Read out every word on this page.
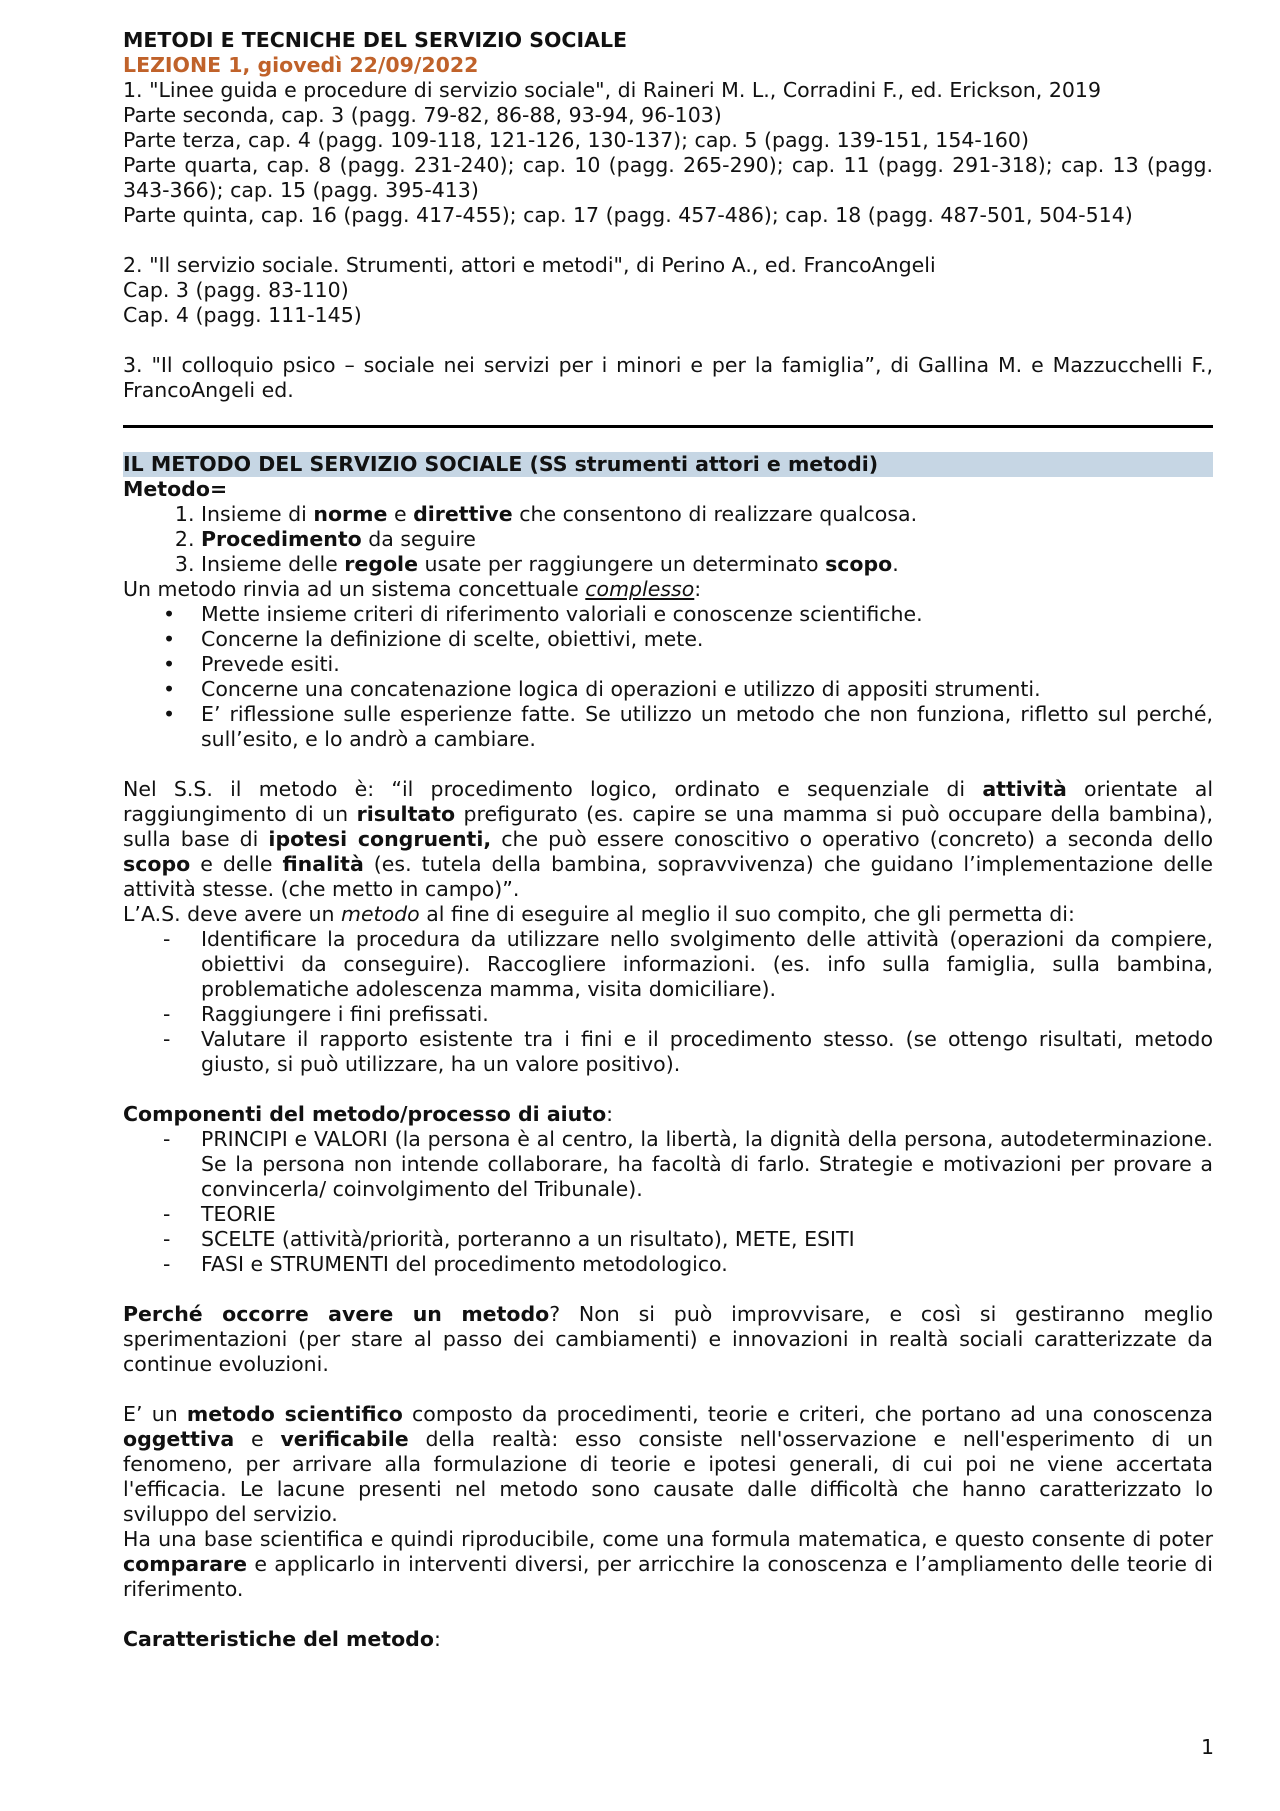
METODI E TECNICHE DEL SERVIZIO SOCIALE
LEZIONE 1, giovedì 22/09/2022
1. "Linee guida e procedure di servizio sociale", di Raineri M. L., Corradini F., ed. Erickson, 2019
Parte seconda, cap. 3 (pagg. 79-82, 86-88, 93-94, 96-103)
Parte terza, cap. 4 (pagg. 109-118, 121-126, 130-137); cap. 5 (pagg. 139-151, 154-160)
Parte quarta, cap. 8 (pagg. 231-240); cap. 10 (pagg. 265-290); cap. 11 (pagg. 291-318); cap. 13 (pagg. 343-366); cap. 15 (pagg. 395-413)
Parte quinta, cap. 16 (pagg. 417-455); cap. 17 (pagg. 457-486); cap. 18 (pagg. 487-501, 504-514)
2. "Il servizio sociale. Strumenti, attori e metodi", di Perino A., ed. FrancoAngeli
Cap. 3 (pagg. 83-110)
Cap. 4 (pagg. 111-145)
3. "Il colloquio psico – sociale nei servizi per i minori e per la famiglia”, di Gallina M. e Mazzucchelli F., FrancoAngeli ed.
IL METODO DEL SERVIZIO SOCIALE (SS strumenti attori e metodi)
Metodo=
1. Insieme di norme e direttive che consentono di realizzare qualcosa.
2. Procedimento da seguire
3. Insieme delle regole usate per raggiungere un determinato scopo.
Un metodo rinvia ad un sistema concettuale complesso:
• Mette insieme criteri di riferimento valoriali e conoscenze scientifiche.
• Concerne la definizione di scelte, obiettivi, mete.
• Prevede esiti.
• Concerne una concatenazione logica di operazioni e utilizzo di appositi strumenti.
• E’ riflessione sulle esperienze fatte. Se utilizzo un metodo che non funziona, rifletto sul perché, sull’esito, e lo andrò a cambiare.
Nel S.S. il metodo è: “il procedimento logico, ordinato e sequenziale di attività orientate al raggiungimento di un risultato prefigurato (es. capire se una mamma si può occupare della bambina), sulla base di ipotesi congruenti, che può essere conoscitivo o operativo (concreto) a seconda dello scopo e delle finalità (es. tutela della bambina, sopravvivenza) che guidano l’implementazione delle attività stesse. (che metto in campo)”.
L’A.S. deve avere un metodo al fine di eseguire al meglio il suo compito, che gli permetta di:
- Identificare la procedura da utilizzare nello svolgimento delle attività (operazioni da compiere, obiettivi da conseguire). Raccogliere informazioni. (es. info sulla famiglia, sulla bambina, problematiche adolescenza mamma, visita domiciliare).
- Raggiungere i fini prefissati.
- Valutare il rapporto esistente tra i fini e il procedimento stesso. (se ottengo risultati, metodo giusto, si può utilizzare, ha un valore positivo).
Componenti del metodo/processo di aiuto:
- PRINCIPI e VALORI (la persona è al centro, la libertà, la dignità della persona, autodeterminazione. Se la persona non intende collaborare, ha facoltà di farlo. Strategie e motivazioni per provare a convincerla/ coinvolgimento del Tribunale).
- TEORIE
- SCELTE (attività/priorità, porteranno a un risultato), METE, ESITI
- FASI e STRUMENTI del procedimento metodologico.
Perché occorre avere un metodo? Non si può improvvisare, e così si gestiranno meglio sperimentazioni (per stare al passo dei cambiamenti) e innovazioni in realtà sociali caratterizzate da continue evoluzioni.
E’ un metodo scientifico composto da procedimenti, teorie e criteri, che portano ad una conoscenza oggettiva e verificabile della realtà: esso consiste nell'osservazione e nell'esperimento di un fenomeno, per arrivare alla formulazione di teorie e ipotesi generali, di cui poi ne viene accertata l'efficacia. Le lacune presenti nel metodo sono causate dalle difficoltà che hanno caratterizzato lo sviluppo del servizio.
Ha una base scientifica e quindi riproducibile, come una formula matematica, e questo consente di poter comparare e applicarlo in interventi diversi, per arricchire la conoscenza e l’ampliamento delle teorie di riferimento.
Caratteristiche del metodo:
1
